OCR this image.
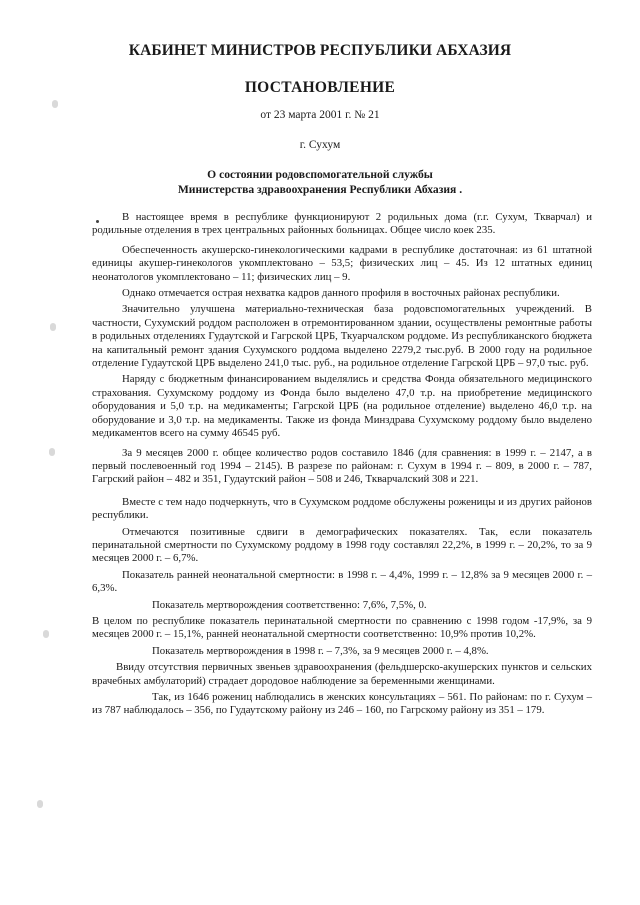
КАБИНЕТ МИНИСТРОВ РЕСПУБЛИКИ АБХАЗИЯ
ПОСТАНОВЛЕНИЕ
от 23 марта 2001 г. № 21
г. Сухум
О состоянии родовспомогательной службы
Министерства здравоохранения Республики Абхазия .

В настоящее время в республике функционируют 2 родильных дома (г.г. Сухум, Ткварчал) и родильные отделения в трех центральных районных больницах. Общее число коек 235.

Обеспеченность акушерско-гинекологическими кадрами в республике достаточная: из 61 штатной единицы акушер-гинекологов укомплектовано – 53,5; физических лиц – 45. Из 12 штатных единиц неонатологов укомплектовано – 11; физических лиц – 9.

Однако отмечается острая нехватка кадров данного профиля в восточных районах республики.

Значительно улучшена материально-техническая база родовспомогательных учреждений. В частности, Сухумский роддом расположен в отремонтированном здании, осуществлены ремонтные работы в родильных отделениях Гудаутской и Гагрской ЦРБ, Ткуарчалском роддоме. Из республиканского бюджета на капитальный ремонт здания Сухумского роддома выделено 2279,2 тыс.руб. В 2000 году на родильное отделение Гудаутской ЦРБ выделено 241,0 тыс. руб., на родильное отделение Гагрской ЦРБ – 97,0 тыс. руб.

Наряду с бюджетным финансированием выделялись и средства Фонда обязательного медицинского страхования. Сухумскому роддому из Фонда было выделено 47,0 т.р. на приобретение медицинского оборудования и 5,0 т.р. на медикаменты; Гагрской ЦРБ (на родильное отделение) выделено 46,0 т.р. на оборудование и 3,0 т.р. на медикаменты. Также из фонда Минздрава Сухумскому роддому было выделено медикаментов всего на сумму 46545 руб.

За 9 месяцев 2000 г. общее количество родов составило 1846 (для сравнения: в 1999 г. – 2147, а в первый послевоенный год 1994 – 2145). В разрезе по районам: г. Сухум в 1994 г. – 809, в 2000 г. – 787, Гагрский район – 482 и 351, Гудаутский район – 508 и 246, Ткварчалский 308 и 221.

Вместе с тем надо подчеркнуть, что в Сухумском роддоме обслужены роженицы и из других районов республики.

Отмечаются позитивные сдвиги в демографических показателях. Так, если показатель перинатальной смертности по Сухумскому роддому в 1998 году составлял 22,2%, в 1999 г. – 20,2%, то за 9 месяцев 2000 г. – 6,7%.

Показатель ранней неонатальной смертности: в 1998 г. – 4,4%, 1999 г. – 12,8% за 9 месяцев 2000 г. – 6,3%.

Показатель мертворождения соответственно: 7,6%, 7,5%, 0.

В целом по республике показатель перинатальной смертности по сравнению с 1998 годом -17,9%, за 9 месяцев 2000 г. – 15,1%, ранней неонатальной смертности соответственно: 10,9% против 10,2%.

Показатель мертворождения в 1998 г. – 7,3%, за 9 месяцев 2000 г. – 4,8%.

Ввиду отсутствия первичных звеньев здравоохранения (фельдшерско-акушерских пунктов и сельских врачебных амбулаторий) страдает дородовое наблюдение за беременными женщинами.

Так, из 1646 рожениц наблюдались в женских консультациях – 561. По районам: по г. Сухум – из 787 наблюдалось – 356, по Гудаутскому району из 246 – 160, по Гагрскому району из 351 – 179.
